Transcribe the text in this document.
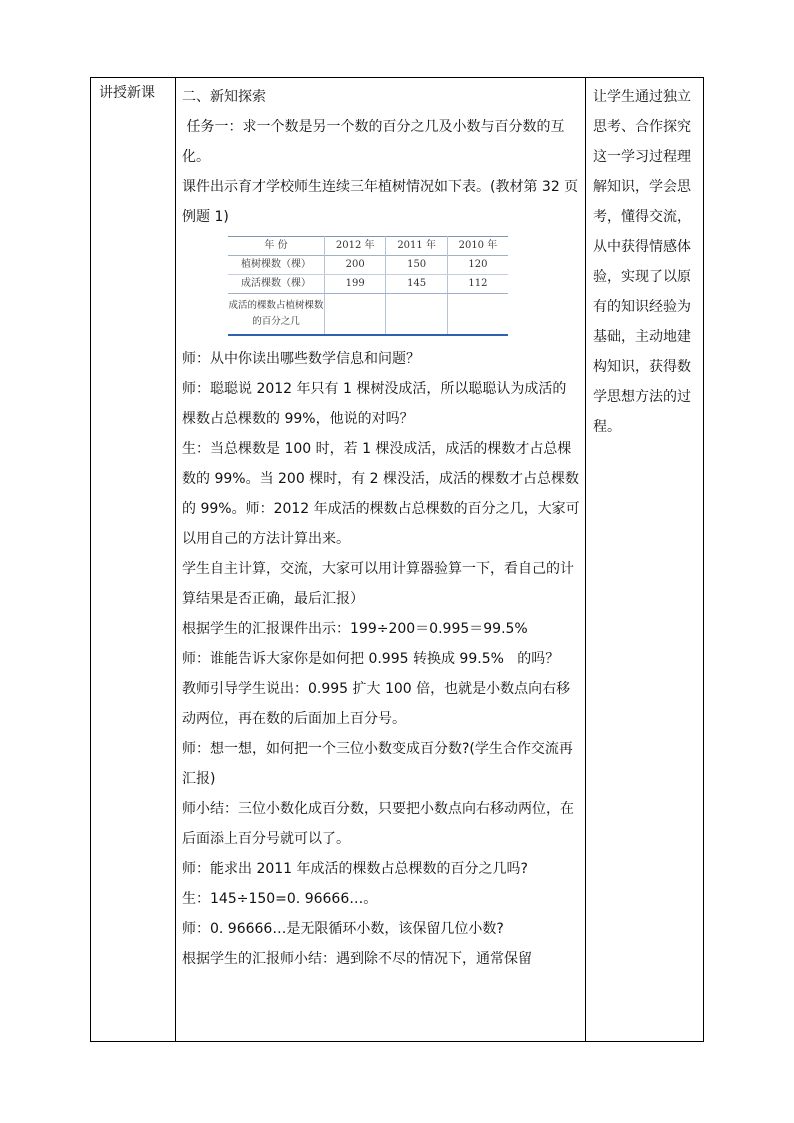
讲授新课	二、新知探索

任务一：求一个数是另一个数的百分之几及小数与百分数的互化。

课件出示育才学校师生连续三年植树情况如下表。(教材第 32 页例题 1)

年 份	2012 年	2011 年	2010 年
植树棵数（棵）	200	150	120
成活棵数（棵）	199	145	112
成活的棵数占植树棵数的百分之几			

师：从中你读出哪些数学信息和问题？

师：聪聪说 2012 年只有 1 棵树没成活，所以聪聪认为成活的棵数占总棵数的 99%，他说的对吗？

生：当总棵数是 100 时，若 1 棵没成活，成活的棵数才占总棵数的 99%。当 200 棵时，有 2 棵没活，成活的棵数才占总棵数的 99%。师：2012 年成活的棵数占总棵数的百分之几，大家可以用自己的方法计算出来。

学生自主计算，交流，大家可以用计算器验算一下，看自己的计算结果是否正确，最后汇报）

根据学生的汇报课件出示：199÷200＝0.995＝99.5%

师：谁能告诉大家你是如何把 0.995 转换成 99.5%   的吗？

教师引导学生说出：0.995 扩大 100 倍，也就是小数点向右移动两位，再在数的后面加上百分号。

师：想一想，如何把一个三位小数变成百分数?(学生合作交流再汇报)

师小结：三位小数化成百分数，只要把小数点向右移动两位，在后面添上百分号就可以了。

师：能求出 2011 年成活的棵数占总棵数的百分之几吗?

生：145÷150=0. 96666…。

师：0. 96666…是无限循环小数，该保留几位小数?

根据学生的汇报师小结：遇到除不尽的情况下，通常保留

让学生通过独立思考、合作探究这一学习过程理解知识，学会思考，懂得交流，从中获得情感体验，实现了以原有的知识经验为基础，主动地建构知识，获得数学思想方法的过程。
